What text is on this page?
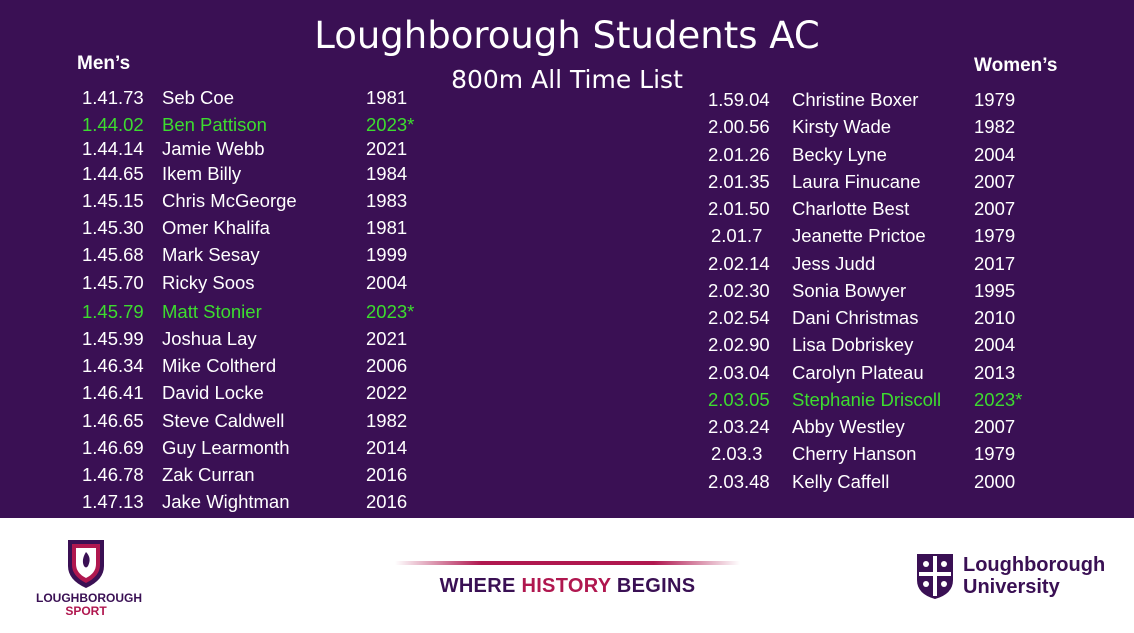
Loughborough Students AC
800m All Time List
Men’s	Women’s
1.41.73 Seb Coe	1981
1.44.02 Ben Pattison	2023*
1.44.14 Jamie Webb	2021
1.44.65 Ikem Billy	1984
1.45.15 Chris McGeorge	1983
1.45.30 Omer Khalifa	1981
1.45.68 Mark Sesay	1999
1.45.70 Ricky Soos	2004
1.45.79 Matt Stonier	2023*
1.45.99 Joshua Lay	2021
1.46.34 Mike Coltherd	2006
1.46.41 David Locke	2022
1.46.65 Steve Caldwell	1982
1.46.69 Guy Learmonth	2014
1.46.78 Zak Curran	2016
1.47.13 Jake Wightman	2016
1.59.04 Christine Boxer	1979
2.00.56 Kirsty Wade	1982
2.01.26 Becky Lyne	2004
2.01.35 Laura Finucane	2007
2.01.50 Charlotte Best	2007
2.01.7 Jeanette Prictoe	1979
2.02.14 Jess Judd	2017
2.02.30 Sonia Bowyer	1995
2.02.54 Dani Christmas	2010
2.02.90 Lisa Dobriskey	2004
2.03.04 Carolyn Plateau	2013
2.03.05 Stephanie Driscoll 2023*
2.03.24 Abby Westley	2007
2.03.3 Cherry Hanson	1979
2.03.48 Kelly Caffell	2000
LOUGHBOROUGH
SPORT
WHERE HISTORY BEGINS
Loughborough
University
